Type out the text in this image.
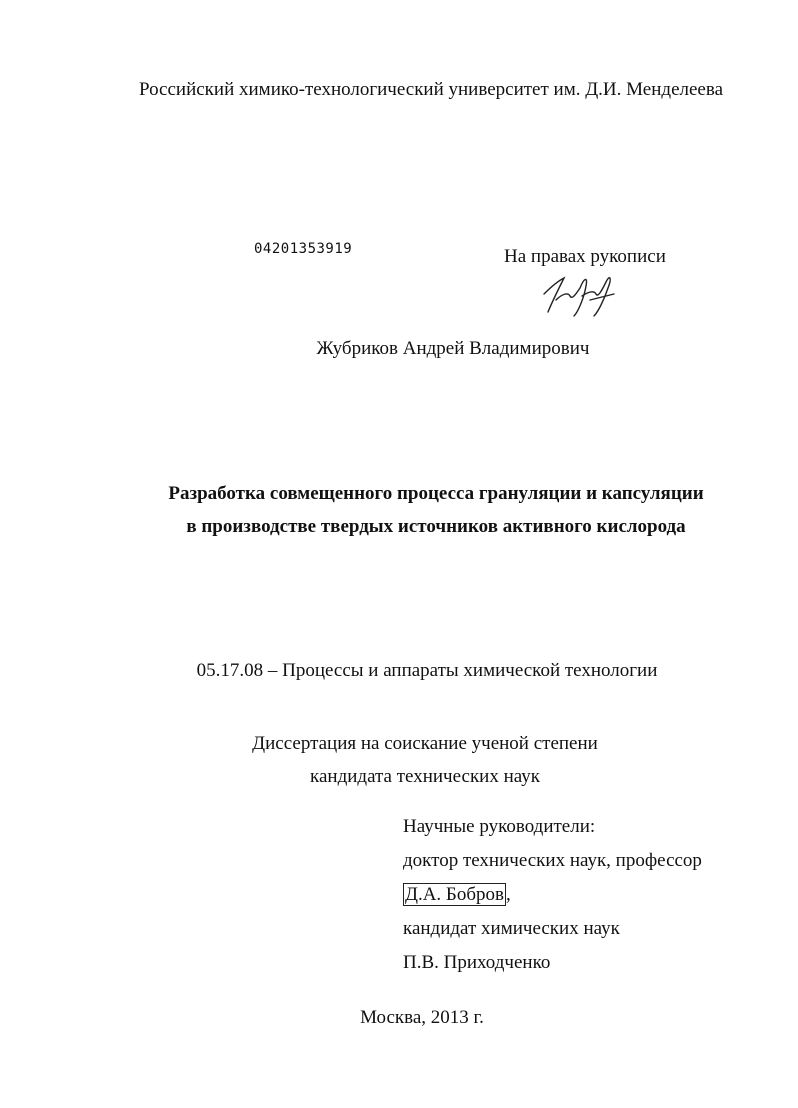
Российский химико-технологический университет им. Д.И. Менделеева
04201353919	На правах рукописи
Жубриков Андрей Владимирович
Разработка совмещенного процесса грануляции и капсуляции
в производстве твердых источников активного кислорода
05.17.08 – Процессы и аппараты химической технологии
Диссертация на соискание ученой степени
кандидата технических наук
Научные руководители:
доктор технических наук, профессор
Д.А. Бобров ,
кандидат химических наук
П.В. Приходченко
Москва, 2013 г.
